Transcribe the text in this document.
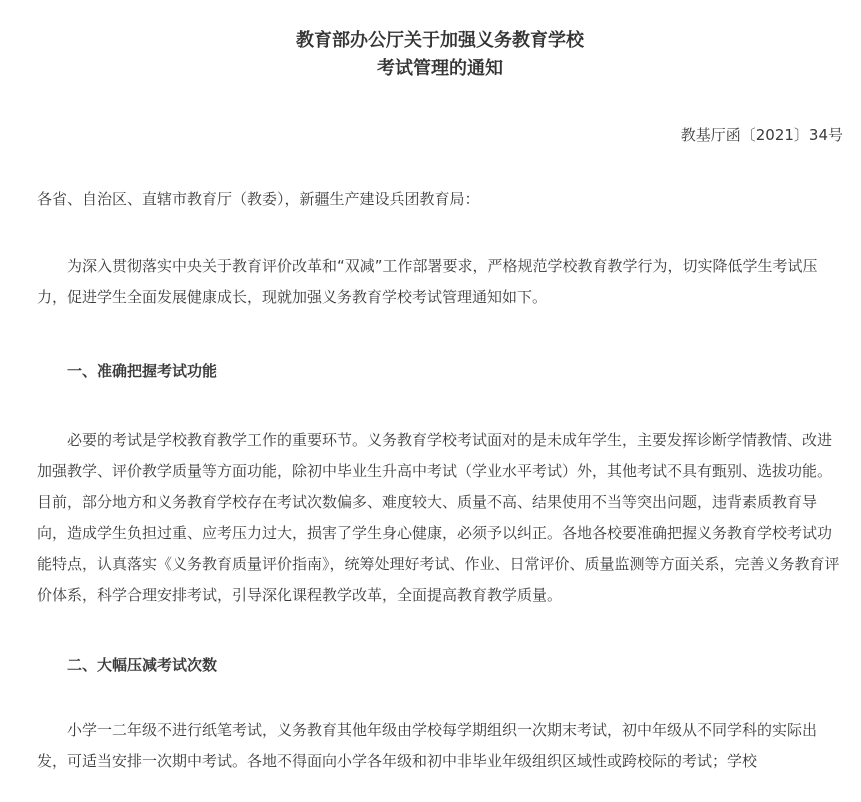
教育部办公厅关于加强义务教育学校
考试管理的通知

教基厅函〔2021〕34号

各省、自治区、直辖市教育厅（教委），新疆生产建设兵团教育局：

为深入贯彻落实中央关于教育评价改革和“双减”工作部署要求，严格规范学校教育教学行为，切实降低学生考试压力，促进学生全面发展健康成长，现就加强义务教育学校考试管理通知如下。

一、准确把握考试功能

必要的考试是学校教育教学工作的重要环节。义务教育学校考试面对的是未成年学生，主要发挥诊断学情教情、改进加强教学、评价教学质量等方面功能，除初中毕业生升高中考试（学业水平考试）外，其他考试不具有甄别、选拔功能。目前，部分地方和义务教育学校存在考试次数偏多、难度较大、质量不高、结果使用不当等突出问题，违背素质教育导向，造成学生负担过重、应考压力过大，损害了学生身心健康，必须予以纠正。各地各校要准确把握义务教育学校考试功能特点，认真落实《义务教育质量评价指南》，统筹处理好考试、作业、日常评价、质量监测等方面关系，完善义务教育评价体系，科学合理安排考试，引导深化课程教学改革，全面提高教育教学质量。

二、大幅压减考试次数

小学一二年级不进行纸笔考试，义务教育其他年级由学校每学期组织一次期末考试，初中年级从不同学科的实际出发，可适当安排一次期中考试。各地不得面向小学各年级和初中非毕业年级组织区域性或跨校际的考试；学校
